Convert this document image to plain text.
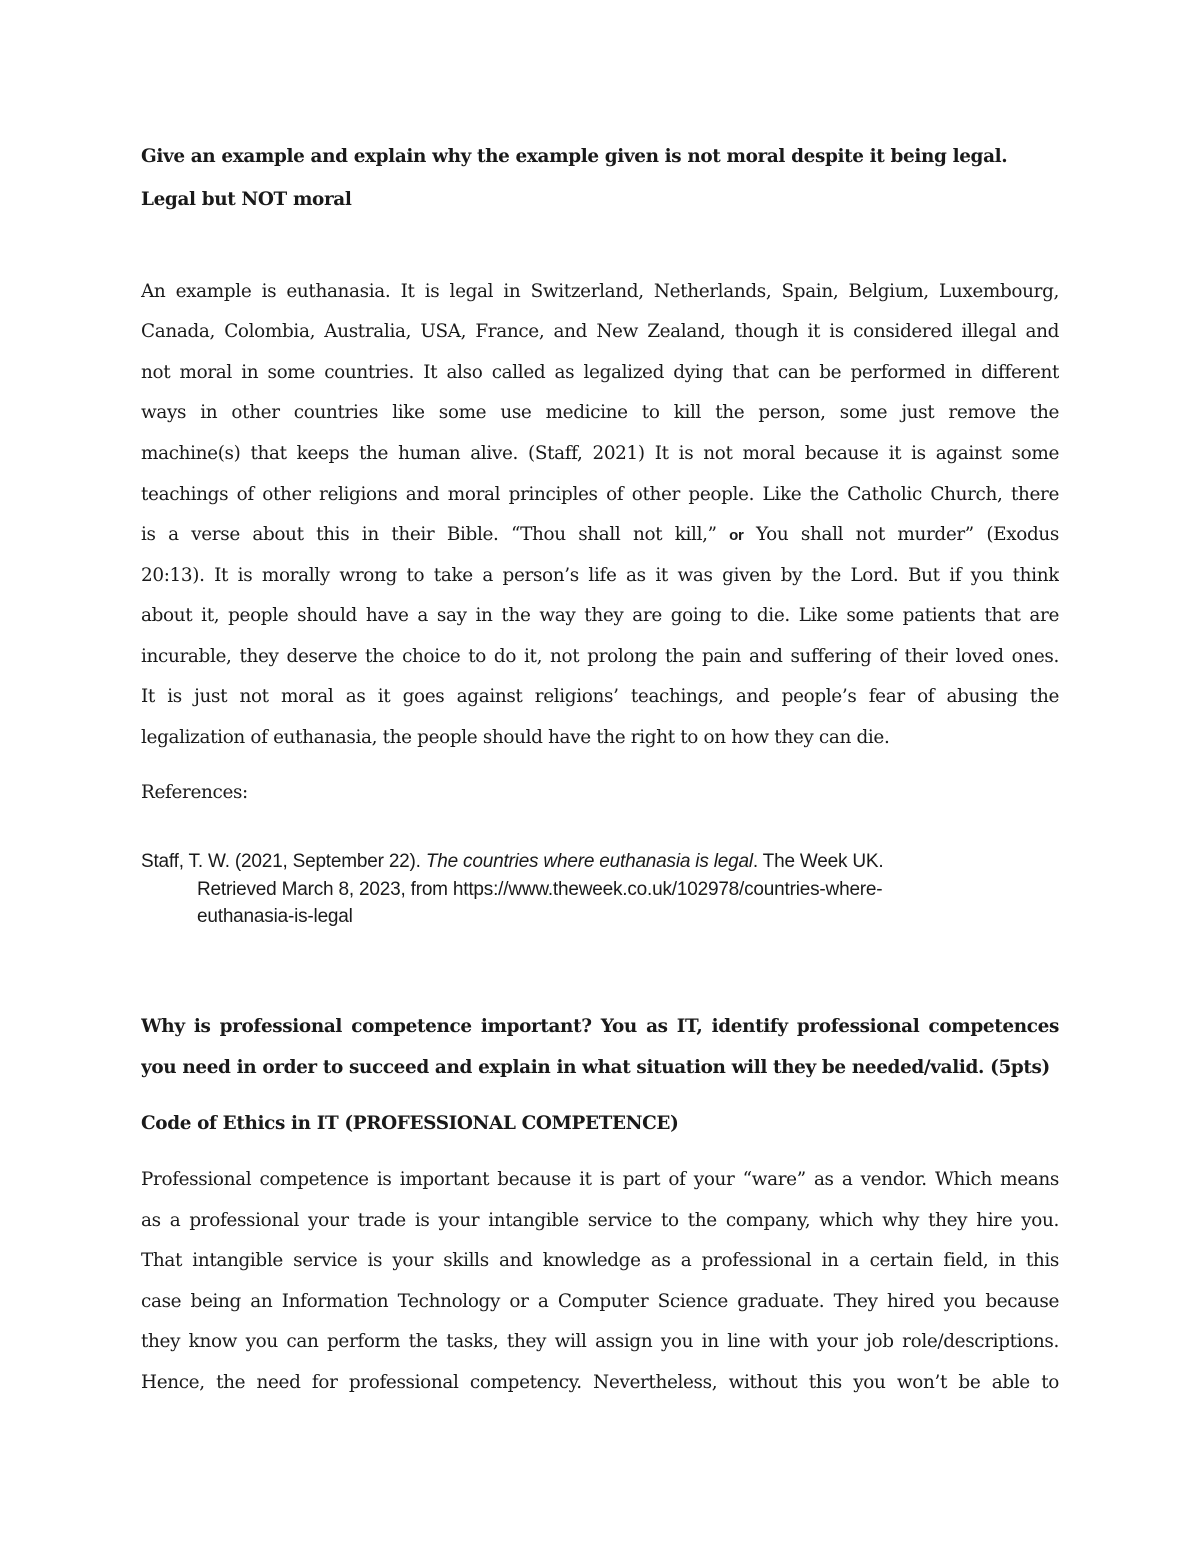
Give an example and explain why the example given is not moral despite it being legal.
Legal but NOT moral
An example is euthanasia. It is legal in Switzerland, Netherlands, Spain, Belgium, Luxembourg,
Canada, Colombia, Australia, USA, France, and New Zealand, though it is considered illegal and
not moral in some countries. It also called as legalized dying that can be performed in different
ways in other countries like some use medicine to kill the person, some just remove the
machine(s) that keeps the human alive. (Staff, 2021) It is not moral because it is against some
teachings of other religions and moral principles of other people. Like the Catholic Church, there
is a verse about this in their Bible. “Thou shall not kill,” or You shall not murder” (Exodus
20:13). It is morally wrong to take a person’s life as it was given by the Lord. But if you think
about it, people should have a say in the way they are going to die. Like some patients that are
incurable, they deserve the choice to do it, not prolong the pain and suffering of their loved ones.
It is just not moral as it goes against religions’ teachings, and people’s fear of abusing the
legalization of euthanasia, the people should have the right to on how they can die.
References:
Staff, T. W. (2021, September 22). The countries where euthanasia is legal. The Week UK.
Retrieved March 8, 2023, from https://www.theweek.co.uk/102978/countries-where-
euthanasia-is-legal
Why is professional competence important? You as IT, identify professional competences
you need in order to succeed and explain in what situation will they be needed/valid. (5pts)
Code of Ethics in IT (PROFESSIONAL COMPETENCE)
Professional competence is important because it is part of your “ware” as a vendor. Which means
as a professional your trade is your intangible service to the company, which why they hire you.
That intangible service is your skills and knowledge as a professional in a certain field, in this
case being an Information Technology or a Computer Science graduate. They hired you because
they know you can perform the tasks, they will assign you in line with your job role/descriptions.
Hence, the need for professional competency. Nevertheless, without this you won’t be able to
